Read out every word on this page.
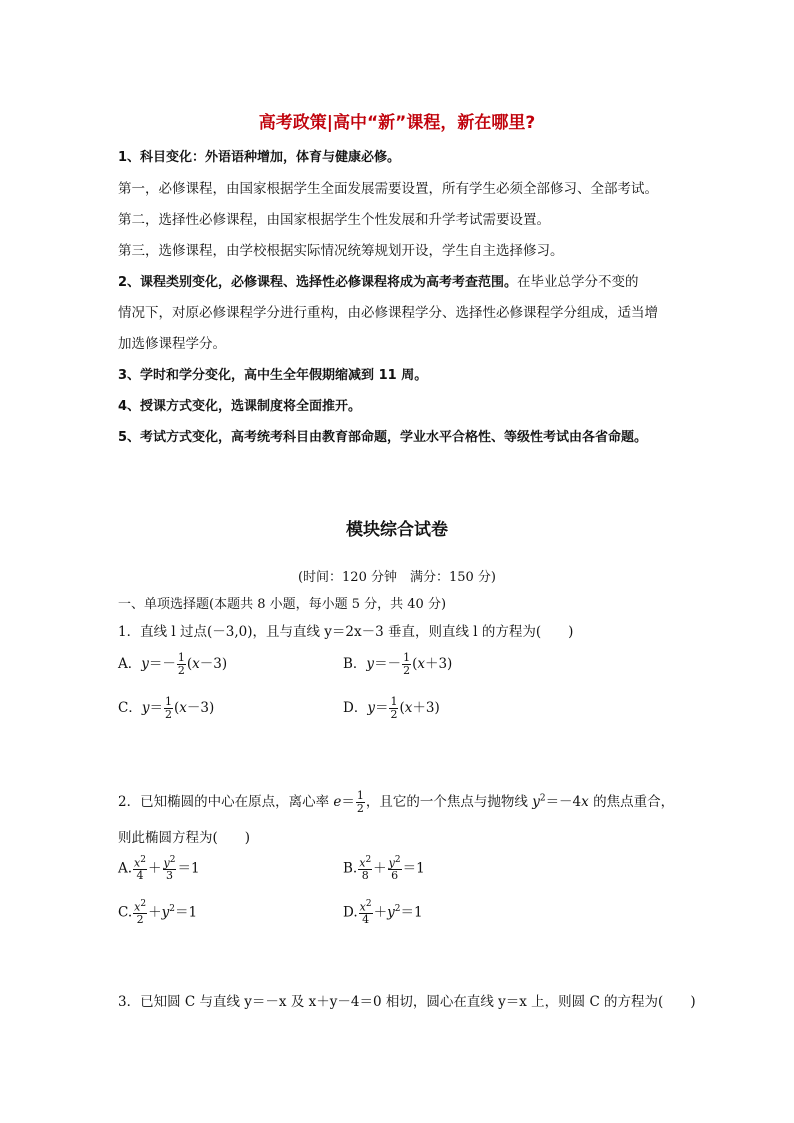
高考政策|高中“新”课程，新在哪里?
1、科目变化：外语语种增加，体育与健康必修。
第一，必修课程，由国家根据学生全面发展需要设置，所有学生必须全部修习、全部考试。
第二，选择性必修课程，由国家根据学生个性发展和升学考试需要设置。
第三，选修课程，由学校根据实际情况统筹规划开设，学生自主选择修习。
2、课程类别变化，必修课程、选择性必修课程将成为高考考查范围。在毕业总学分不变的
情况下，对原必修课程学分进行重构，由必修课程学分、选择性必修课程学分组成，适当增
加选修课程学分。
3、学时和学分变化，高中生全年假期缩减到 11 周。
4、授课方式变化，选课制度将全面推开。
5、考试方式变化，高考统考科目由教育部命题，学业水平合格性、等级性考试由各省命题。
模块综合试卷
(时间：120 分钟　满分：150 分)
一、单项选择题(本题共 8 小题，每小题 5 分，共 40 分)
1．直线 l 过点(－3,0)，且与直线 y＝2x－3 垂直，则直线 l 的方程为(　　)
A．$y=- \frac{1}{2} (x-3)$	B．$y=- \frac{1}{2} (x+3)$
C．$y= \frac{1}{2} (x-3)$	D．$y= \frac{1}{2} (x+3)$
2．已知椭圆的中心在原点，离心率 $e= \frac{1}{2}$ ，且它的一个焦点与抛物线 $y^2=-4x$ 的焦点重合，
则此椭圆方程为(　　)
A. $\frac{x^2}{4} + \frac{y^2}{3} =1$	B. $\frac{x^2}{8} + \frac{y^2}{6} =1$
C. $\frac{x^2}{2} +y^2=1$	D. $\frac{x^2}{4} +y^2=1$
3．已知圆 C 与直线 y＝－x 及 x＋y－4＝0 相切，圆心在直线 y＝x 上，则圆 C 的方程为(　　)
